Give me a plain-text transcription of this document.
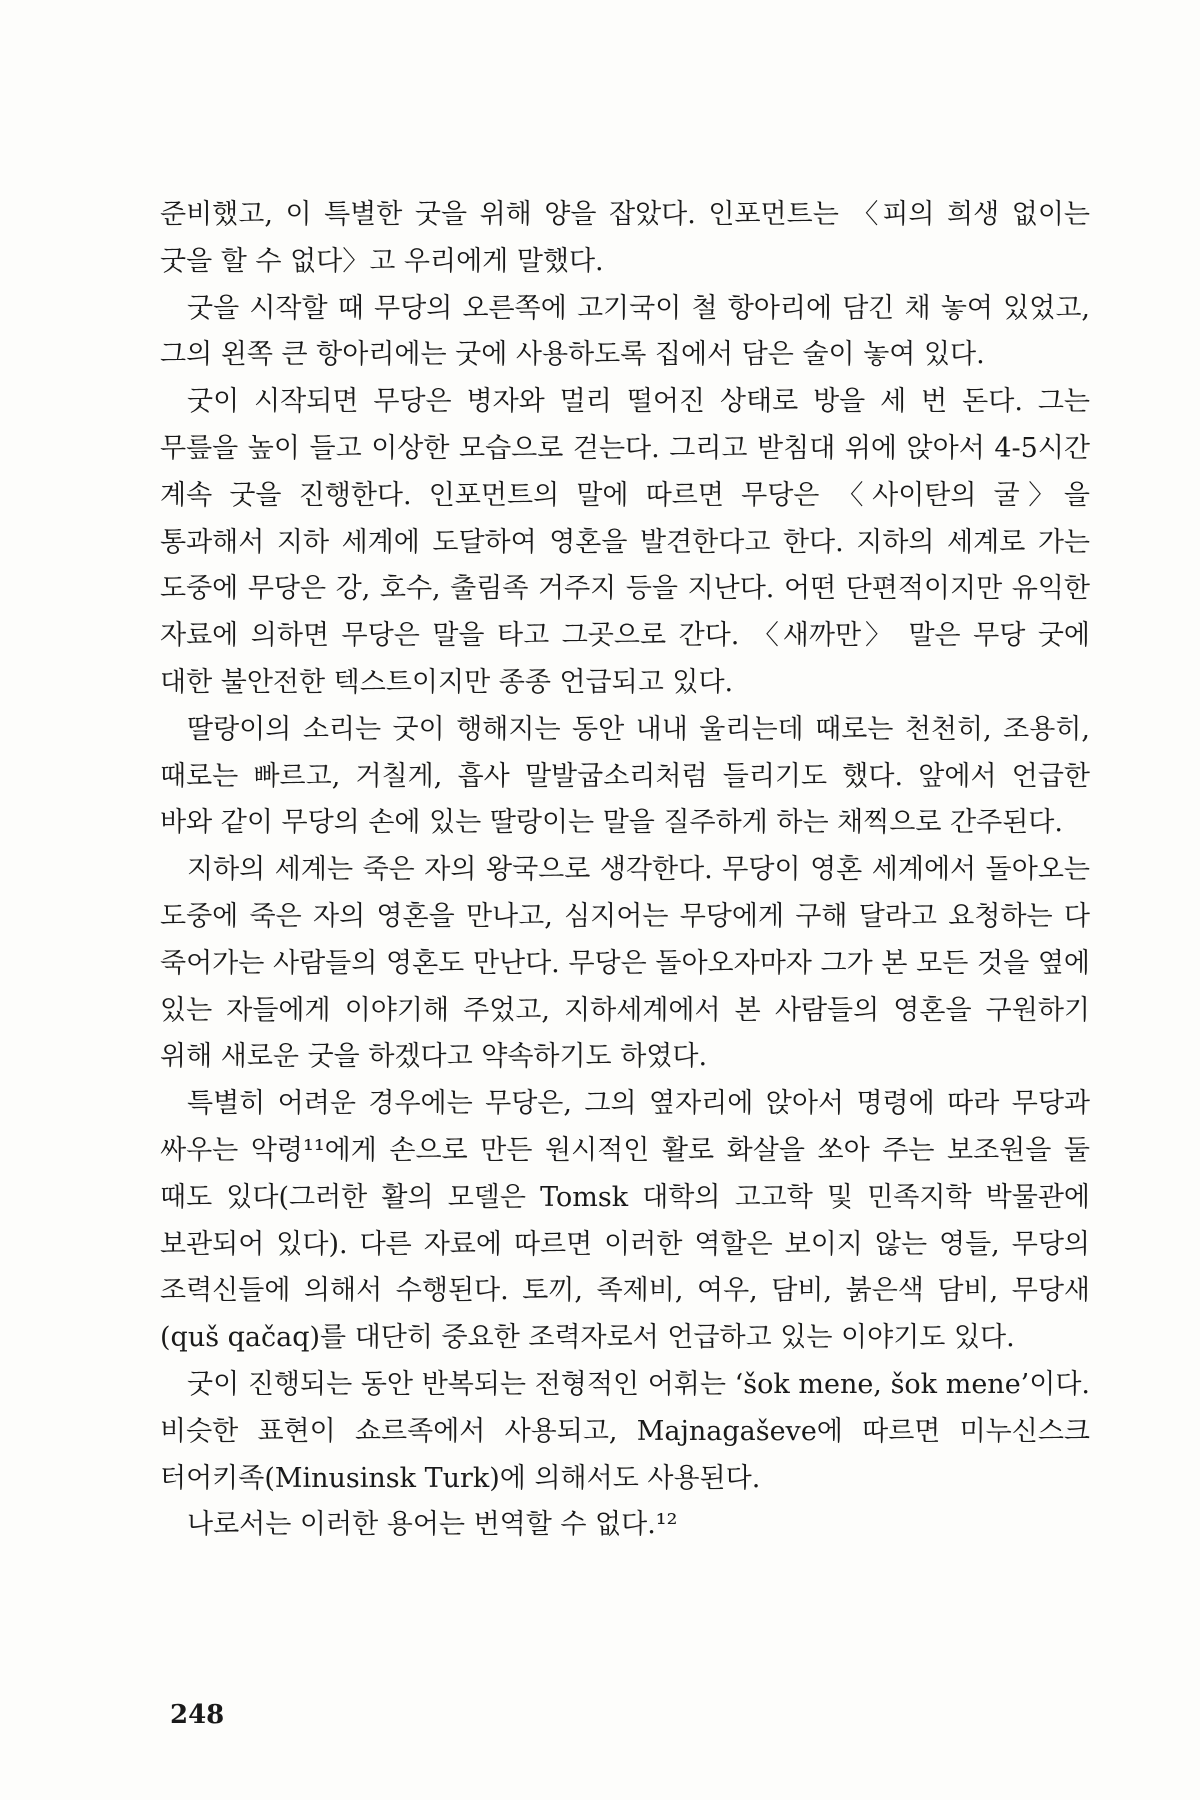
준비했고, 이 특별한 굿을 위해 양을 잡았다. 인포먼트는 〈피의 희생 없이는 굿을 할 수 없다〉고 우리에게 말했다.

굿을 시작할 때 무당의 오른쪽에 고기국이 철 항아리에 담긴 채 놓여 있었고, 그의 왼쪽 큰 항아리에는 굿에 사용하도록 집에서 담은 술이 놓여 있다.

굿이 시작되면 무당은 병자와 멀리 떨어진 상태로 방을 세 번 돈다. 그는 무릎을 높이 들고 이상한 모습으로 걷는다. 그리고 받침대 위에 앉아서 4-5시간 계속 굿을 진행한다. 인포먼트의 말에 따르면 무당은 〈사이탄의 굴〉을 통과해서 지하 세계에 도달하여 영혼을 발견한다고 한다. 지하의 세계로 가는 도중에 무당은 강, 호수, 출림족 거주지 등을 지난다. 어떤 단편적이지만 유익한 자료에 의하면 무당은 말을 타고 그곳으로 간다. 〈새까만〉 말은 무당 굿에 대한 불안전한 텍스트이지만 종종 언급되고 있다.

딸랑이의 소리는 굿이 행해지는 동안 내내 울리는데 때로는 천천히, 조용히, 때로는 빠르고, 거칠게, 흡사 말발굽소리처럼 들리기도 했다. 앞에서 언급한 바와 같이 무당의 손에 있는 딸랑이는 말을 질주하게 하는 채찍으로 간주된다.

지하의 세계는 죽은 자의 왕국으로 생각한다. 무당이 영혼 세계에서 돌아오는 도중에 죽은 자의 영혼을 만나고, 심지어는 무당에게 구해 달라고 요청하는 다 죽어가는 사람들의 영혼도 만난다. 무당은 돌아오자마자 그가 본 모든 것을 옆에 있는 자들에게 이야기해 주었고, 지하세계에서 본 사람들의 영혼을 구원하기 위해 새로운 굿을 하겠다고 약속하기도 하였다.

특별히 어려운 경우에는 무당은, 그의 옆자리에 앉아서 명령에 따라 무당과 싸우는 악령¹¹에게 손으로 만든 원시적인 활로 화살을 쏘아 주는 보조원을 둘 때도 있다(그러한 활의 모델은 Tomsk 대학의 고고학 및 민족지학 박물관에 보관되어 있다). 다른 자료에 따르면 이러한 역할은 보이지 않는 영들, 무당의 조력신들에 의해서 수행된다. 토끼, 족제비, 여우, 담비, 붉은색 담비, 무당새(quš qačaq)를 대단히 중요한 조력자로서 언급하고 있는 이야기도 있다.

굿이 진행되는 동안 반복되는 전형적인 어휘는 ‘šok mene, šok mene’이다. 비슷한 표현이 쇼르족에서 사용되고, Majnagaševe에 따르면 미누신스크 터어키족(Minusinsk Turk)에 의해서도 사용된다.

나로서는 이러한 용어는 번역할 수 없다.¹²

248
